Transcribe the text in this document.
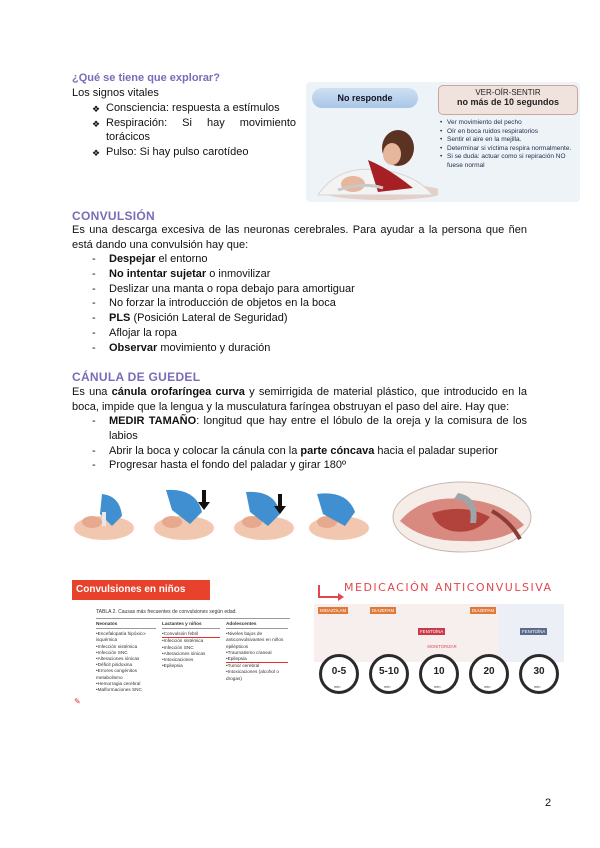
¿Qué se tiene que explorar?
Los signos vitales
❖ Consciencia: respuesta a estímulos
❖ Respiración: Si hay movimiento torácicos
❖ Pulso: Si hay pulso carotídeo
No responde
VER-OÍR-SENTIR
no más de 10 segundos
• Ver movimiento del pecho
• Oír en boca ruidos respiratorios
• Sentir el aire en la mejilla.
• Determinar si víctima respira normalmente.
• Si se duda: actuar como si repiración NO fuese normal
CONVULSIÓN
Es una descarga excesiva de las neuronas cerebrales. Para ayudar a la persona que ñen está dando una convulsión hay que:
- Despejar el entorno
- No intentar sujetar o inmovilizar
- Deslizar una manta o ropa debajo para amortiguar
- No forzar la introducción de objetos en la boca
- PLS (Posición Lateral de Seguridad)
- Aflojar la ropa
- Observar movimiento y duración
CÁNULA DE GUEDEL
Es una cánula orofaríngea curva y semirrigida de material plástico, que introducido en la boca, impide que la lengua y la musculatura faríngea obstruyan el paso del aire. Hay que:
- MEDIR TAMAÑO: longitud que hay entre el lóbulo de la oreja y la comisura de los labios
- Abrir la boca y colocar la cánula con la parte cóncava hacia el paladar superior
- Progresar hasta el fondo del paladar y girar 180º
Convulsiones en niños
TABLA 2. Causas más frecuentes de convulsiones según edad.
Neonatos
• Encefalopatía hipóxico-isquémica
• Infección sistémica
• Infección SNC
• Alteraciones iónicas
• Déficit piridoxina
• Errores congénitos metabolismo
• Hemorragia cerebral
• Malformaciones SNC
Lactantes y niños
• Convulsión febril
• Infección sistémica
• Infección SNC
• Alteraciones iónicas
• Intoxicaciones
• Epilepsia
Adolescentes
• Niveles bajos de anticonvulsivantes en niños epilépticos
• Traumatismo craneal
• Epilepsia
• Tumor cerebral
• Intoxicaciones (alcohol o drogas)
✎
MEDICACIÓN ANTICONVULSIVA
MIDAZOLAM	DIAZEPAM
FENITOÍNA
DIAZEPAM
FENITOÍNA
MONITORIZAR
0-5	5-10	10	20	30
min	min	min	min	min
2
